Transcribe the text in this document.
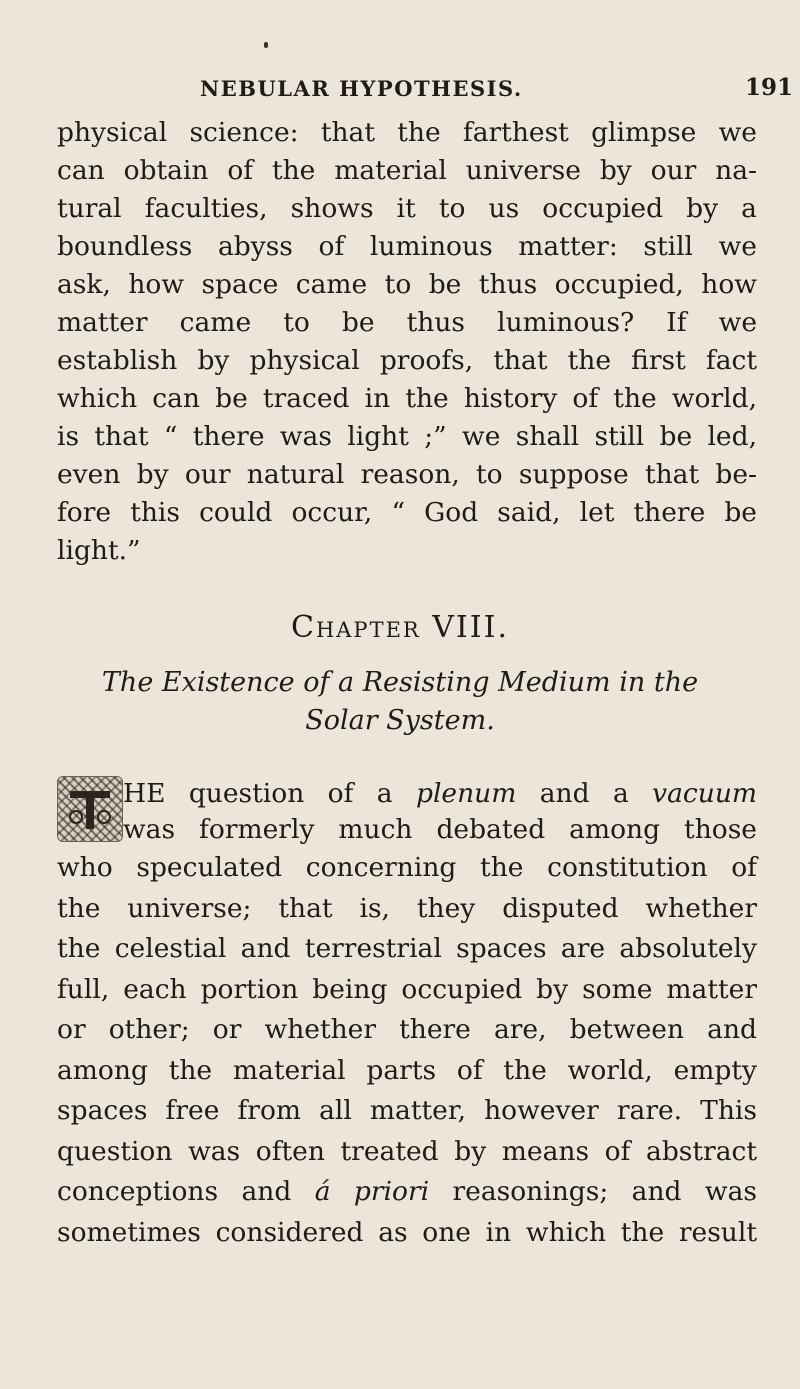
NEBULAR HYPOTHESIS.	191
physical science: that the farthest glimpse we
can obtain of the material universe by our na-
tural faculties, shows it to us occupied by a
boundless abyss of luminous matter: still we
ask, how space came to be thus occupied, how
matter came to be thus luminous? If we
establish by physical proofs, that the first fact
which can be traced in the history of the world,
is that “ there was light ;” we shall still be led,
even by our natural reason, to suppose that be-
fore this could occur, “ God said, let there be
light.”
Chapter VIII.
The Existence of a Resisting Medium in the
Solar System.
HE question of a plenum and a vacuum
was formerly much debated among those
who speculated concerning the constitution of
the universe; that is, they disputed whether
the celestial and terrestrial spaces are absolutely
full, each portion being occupied by some matter
or other; or whether there are, between and
among the material parts of the world, empty
spaces free from all matter, however rare. This
question was often treated by means of abstract
conceptions and á priori reasonings; and was
sometimes considered as one in which the result
